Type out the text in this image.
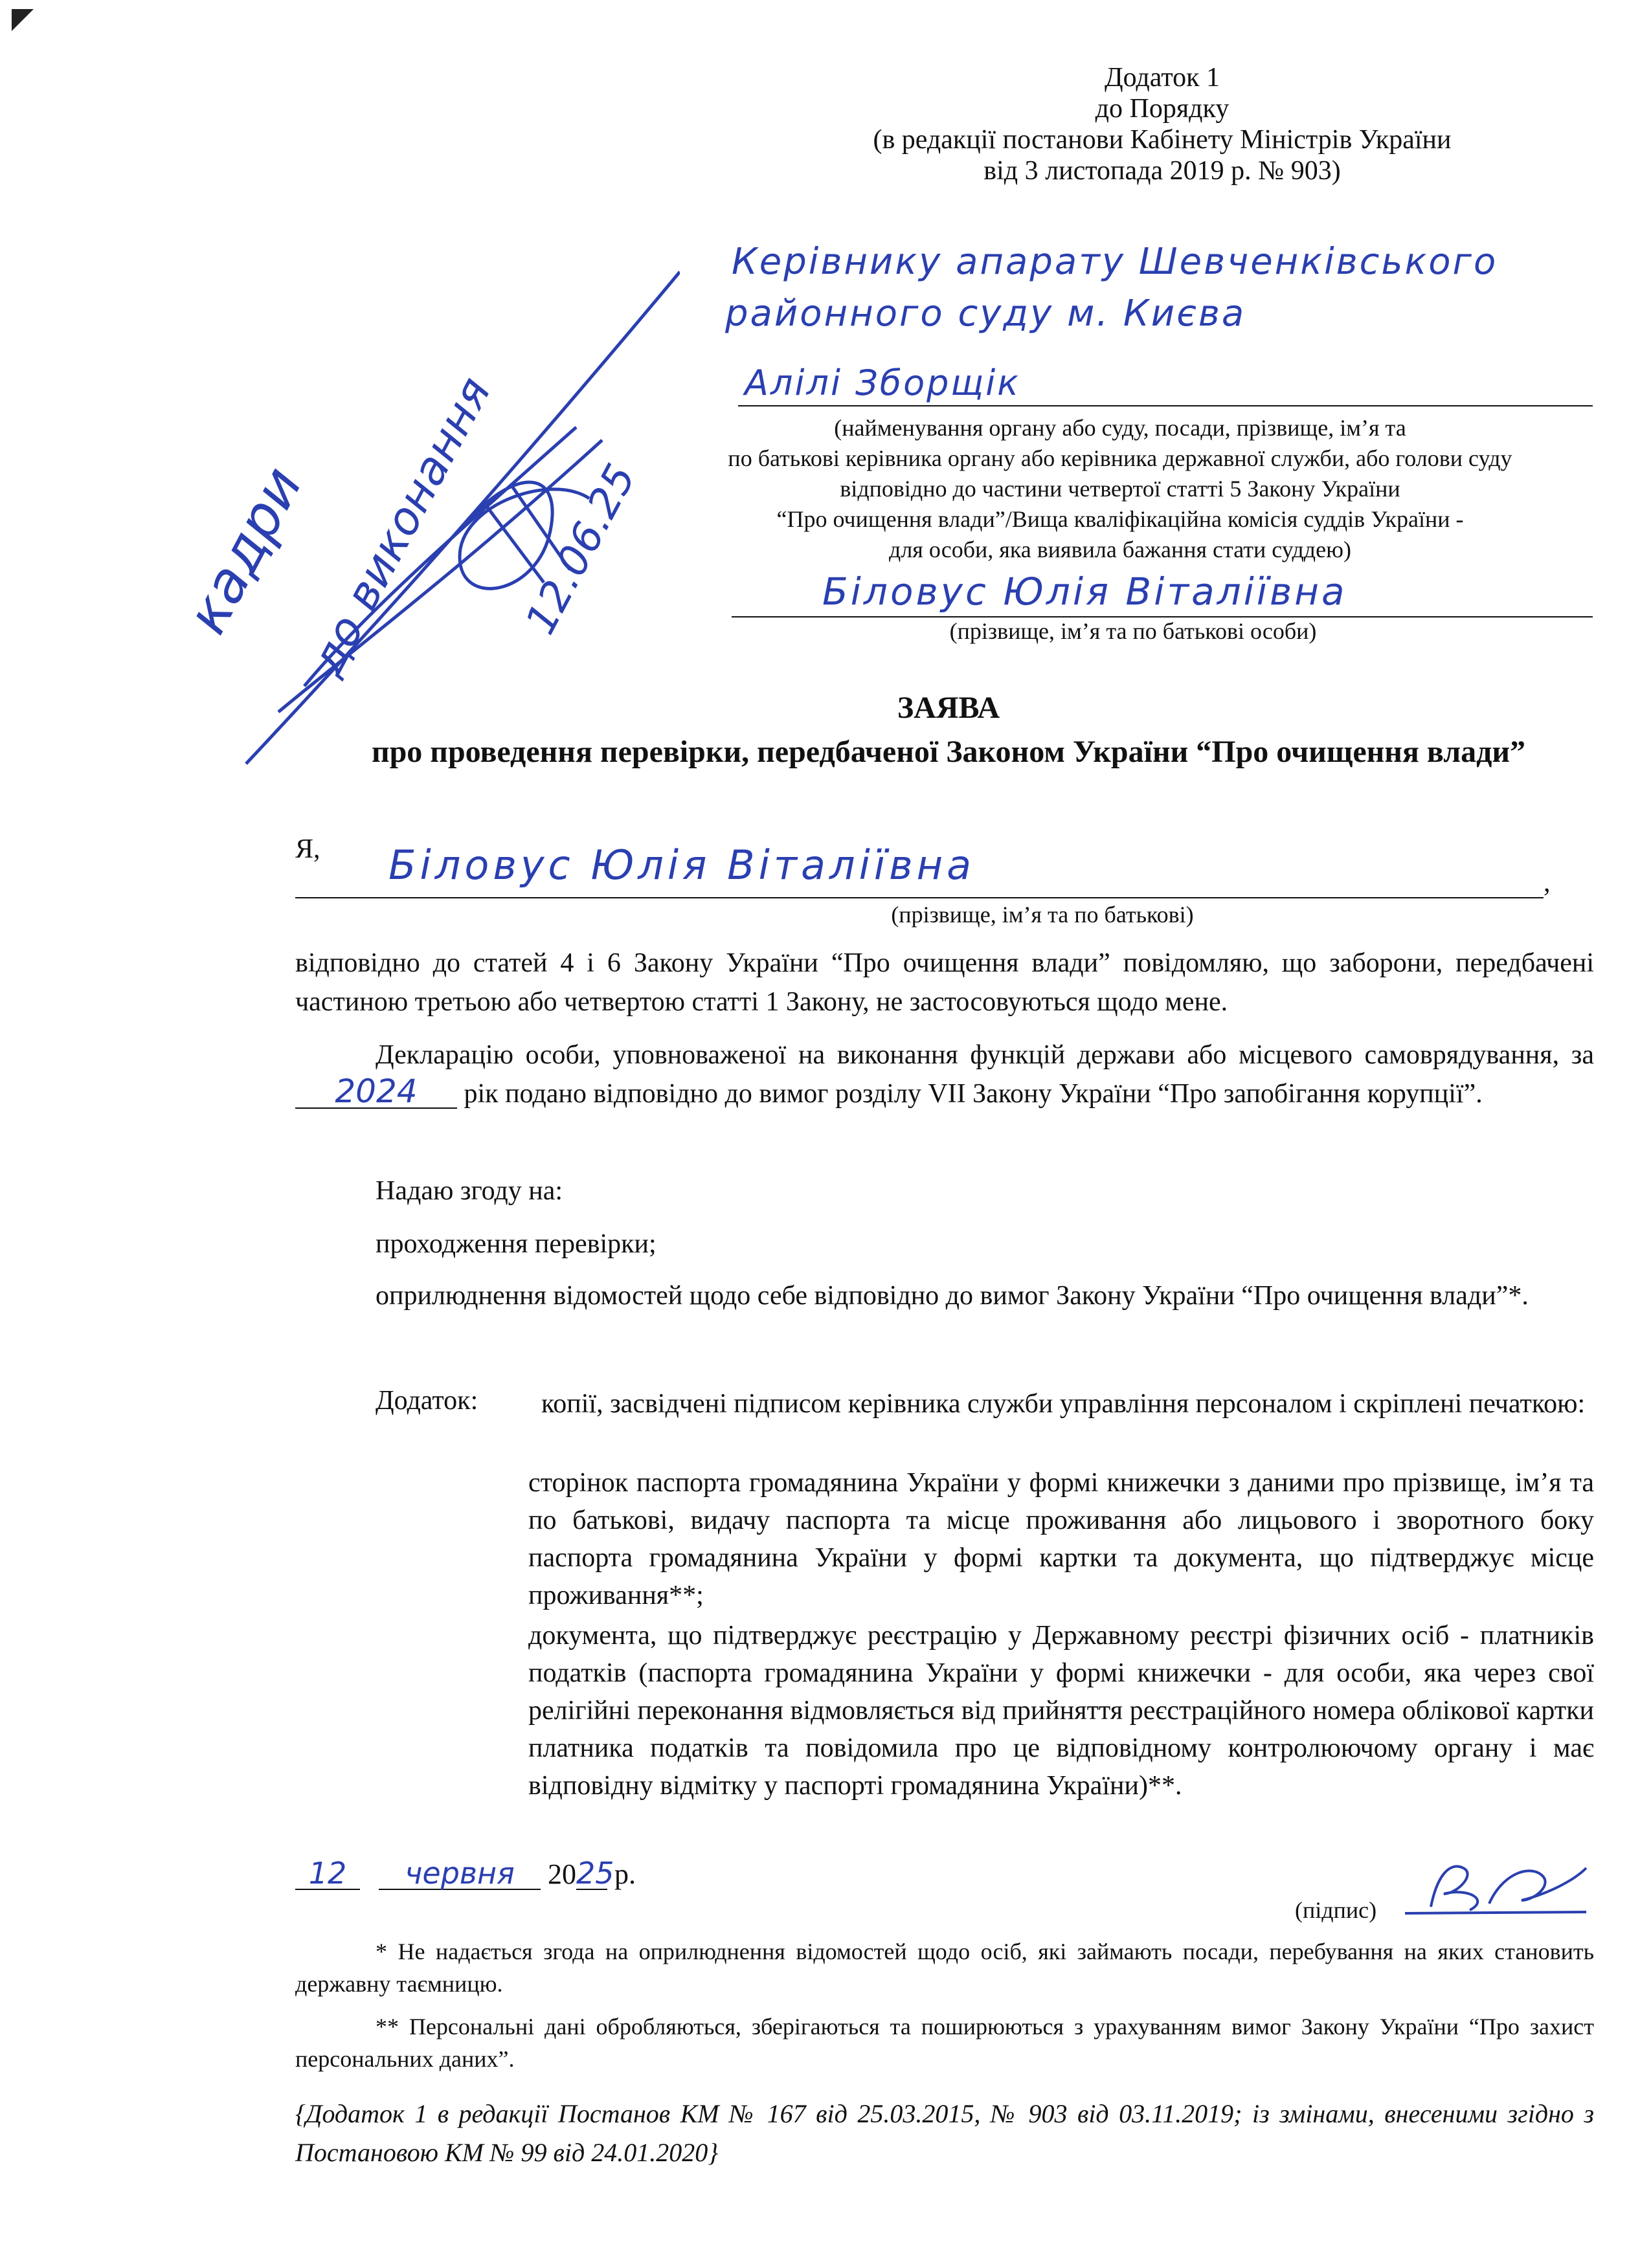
Додаток 1
до Порядку
(в редакції постанови Кабінету Міністрів України
від 3 листопада 2019 р. № 903)
кадри
до виконання 12.06.25
Керівнику апарату Шевченківського
районного суду м. Києва
Алілі Зборщік
(найменування органу або суду, посади, прізвище, ім’я та
по батькові керівника органу або керівника державної служби, або голови суду
відповідно до частини четвертої статті 5 Закону України
“Про очищення влади”/Вища кваліфікаційна комісія суддів України -
для особи, яка виявила бажання стати суддею)
Біловус Юлія Віталіївна
(прізвище, ім’я та по батькові особи)
ЗАЯВА
про проведення перевірки, передбаченої Законом України “Про очищення влади”
Я, Біловус Юлія Віталіївна	,
(прізвище, ім’я та по батькові)
відповідно до статей 4 і 6 Закону України “Про очищення влади” повідомляю, що заборони, передбачені частиною третьою або четвертою статті 1 Закону, не застосовуються щодо мене.
Декларацію особи, уповноваженої на виконання функцій держави або місцевого самоврядування, за 2024 рік подано відповідно до вимог розділу VII Закону України “Про запобігання корупції”.
Надаю згоду на:
проходження перевірки;
оприлюднення відомостей щодо себе відповідно до вимог Закону України “Про очищення влади”*.
Додаток: копії, засвідчені підписом керівника служби управління персоналом і скріплені печаткою:
сторінок паспорта громадянина України у формі книжечки з даними про прізвище, ім’я та по батькові, видачу паспорта та місце проживання або лицьового і зворотного боку паспорта громадянина України у формі картки та документа, що підтверджує місце проживання**;
документа, що підтверджує реєстрацію у Державному реєстрі фізичних осіб - платників податків (паспорта громадянина України у формі книжечки - для особи, яка через свої релігійні переконання відмовляється від прийняття реєстраційного номера облікової картки платника податків та повідомила про це відповідному контролюючому органу і має відповідну відмітку у паспорті громадянина України)**.
12 червня 2025 р.
(підпис)
* Не надається згода на оприлюднення відомостей щодо осіб, які займають посади, перебування на яких становить державну таємницю.
** Персональні дані обробляються, зберігаються та поширюються з урахуванням вимог Закону України “Про захист персональних даних”.
{Додаток 1 в редакції Постанов КМ № 167 від 25.03.2015, № 903 від 03.11.2019; із змінами, внесеними згідно з Постановою КМ № 99 від 24.01.2020}
